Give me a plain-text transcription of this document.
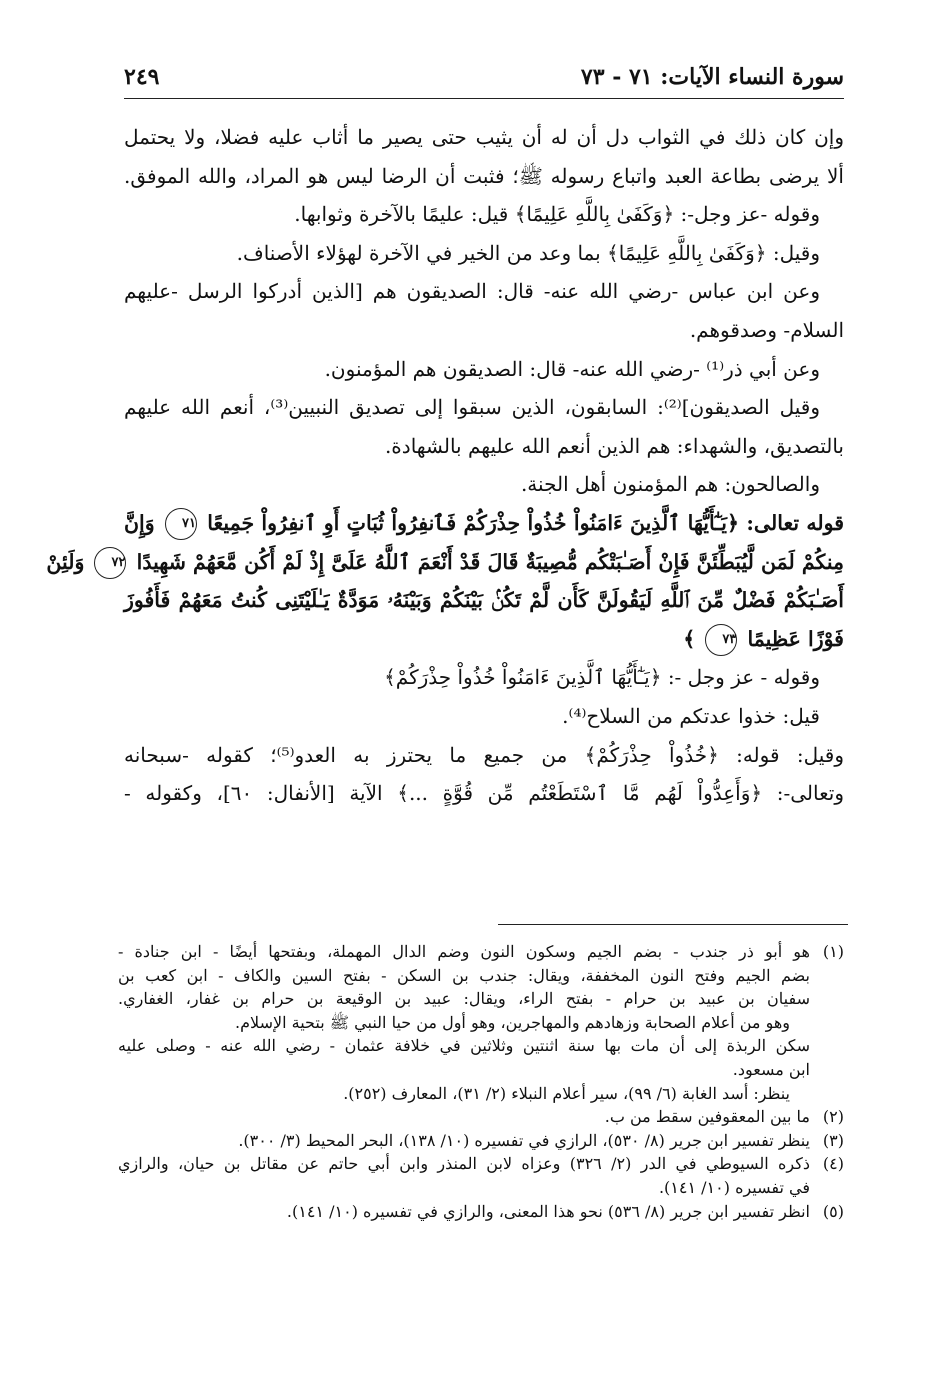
سورة النساء الآيات: ٧١ - ٧٣
٢٤٩
وإن كان ذلك في الثواب دل أن له أن يثيب حتى يصير ما أثاب عليه فضلا، ولا يحتمل
ألا يرضى بطاعة العبد واتباع رسوله ﷺ؛ فثبت أن الرضا ليس هو المراد، والله الموفق.
وقوله -عز وجل-: ﴿وَكَفَىٰ بِاللَّهِ عَلِيمًا﴾ قيل: عليمًا بالآخرة وثوابها.
وقيل: ﴿وَكَفَىٰ بِاللَّهِ عَلِيمًا﴾ بما وعد من الخير في الآخرة لهؤلاء الأصناف.
وعن ابن عباس -رضي الله عنه- قال: الصديقون هم [الذين أدركوا الرسل -عليهم
السلام- وصدقوهم.
وعن أبي ذر⁽¹⁾ -رضي الله عنه- قال: الصديقون هم المؤمنون.
وقيل الصديقون]⁽²⁾: السابقون، الذين سبقوا إلى تصديق النبيين⁽³⁾، أنعم الله عليهم
بالتصديق، والشهداء: هم الذين أنعم الله عليهم بالشهادة.
والصالحون: هم المؤمنون أهل الجنة.
قوله تعالى: ﴿يَـٰٓأَيُّهَا ٱلَّذِينَ ءَامَنُواْ خُذُواْ حِذْرَكُمْ فَٱنفِرُواْ ثُبَاتٍ أَوِ ٱنفِرُواْ جَمِيعًا ٧١ وَإِنَّ
مِنكُمْ لَمَن لَّيُبَطِّئَنَّ فَإِنْ أَصَـٰبَتْكُم مُّصِيبَةٌ قَالَ قَدْ أَنْعَمَ ٱللَّهُ عَلَىَّ إِذْ لَمْ أَكُن مَّعَهُمْ شَهِيدًا ٧٢ وَلَئِنْ
أَصَـٰبَكُمْ فَضْلٌ مِّنَ ٱللَّهِ لَيَقُولَنَّ كَأَن لَّمْ تَكُنۢ بَيْنَكُمْ وَبَيْنَهُۥ مَوَدَّةٌ يَـٰلَيْتَنِى كُنتُ مَعَهُمْ فَأَفُوزَ
فَوْزًا عَظِيمًا ٧٣ ﴾
وقوله - عز وجل -: ﴿يَـٰٓأَيُّهَا ٱلَّذِينَ ءَامَنُواْ خُذُواْ حِذْرَكُمْ﴾
قيل: خذوا عدتكم من السلاح⁽⁴⁾.
وقيل: قوله: ﴿خُذُواْ حِذْرَكُمْ﴾ من جميع ما يحترز به العدو⁽⁵⁾؛ كقوله -سبحانه
وتعالى-: ﴿وَأَعِدُّواْ لَهُم مَّا ٱسْتَطَعْتُم مِّن قُوَّةٍ ...﴾ الآية [الأنفال: ٦٠]، وكقوله -
(١)هو أبو ذر جندب - بضم الجيم وسكون النون وضم الدال المهملة، وبفتحها أيضًا - ابن جنادة -
بضم الجيم وفتح النون المخففة، ويقال: جندب بن السكن - بفتح السين والكاف - ابن كعب بن
سفيان بن عبيد بن حرام - بفتح الراء، ويقال: عبيد بن الوقيعة بن حرام بن غفار، الغفاري.
وهو من أعلام الصحابة وزهادهم والمهاجرين، وهو أول من حيا النبي ﷺ بتحية الإسلام.
سكن الربذة إلى أن مات بها سنة اثنتين وثلاثين في خلافة عثمان - رضي الله عنه - وصلى عليه
ابن مسعود.
ينظر: أسد الغابة (٦/ ٩٩)، سير أعلام النبلاء (٢/ ٣١)، المعارف (٢٥٢).
(٢)ما بين المعقوفين سقط من ب.
(٣)ينظر تفسير ابن جرير (٨/ ٥٣٠)، الرازي في تفسيره (١٠/ ١٣٨)، البحر المحيط (٣/ ٣٠٠).
(٤)ذكره السيوطي في الدر (٢/ ٣٢٦) وعزاه لابن المنذر وابن أبي حاتم عن مقاتل بن حيان، والرازي
في تفسيره (١٠/ ١٤١).
(٥)انظر تفسير ابن جرير (٨/ ٥٣٦) نحو هذا المعنى، والرازي في تفسيره (١٠/ ١٤١).
